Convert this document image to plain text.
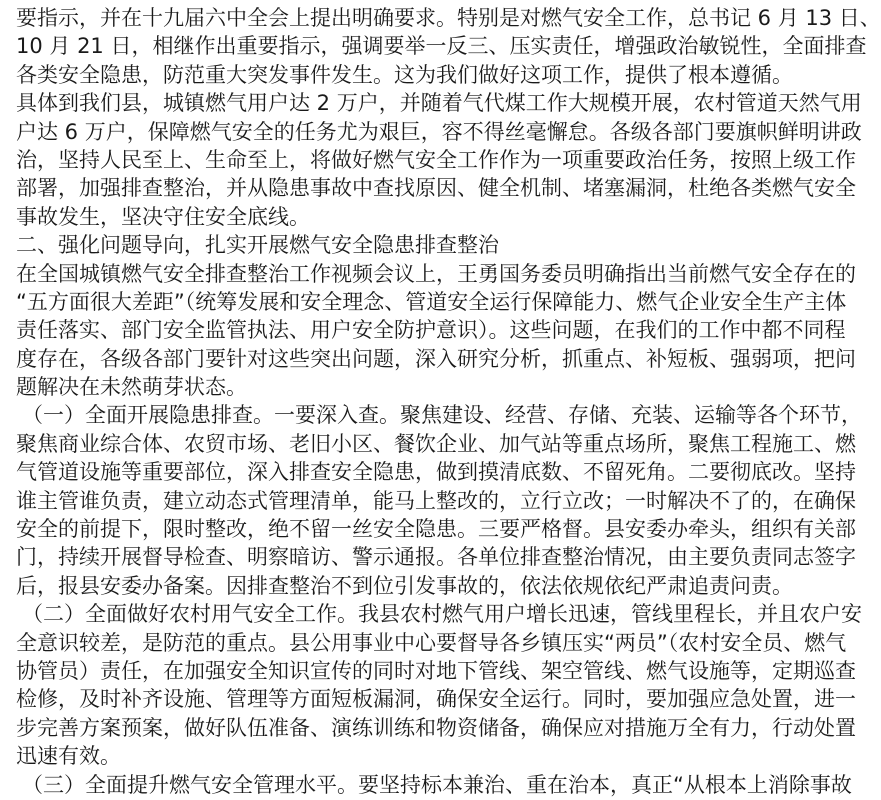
要指示，并在十九届六中全会上提出明确要求。特别是对燃气安全工作，总书记 6 月 13 日、
10 月 21 日，相继作出重要指示，强调要举一反三、压实责任，增强政治敏锐性，全面排查
各类安全隐患，防范重大突发事件发生。这为我们做好这项工作，提供了根本遵循。
具体到我们县，城镇燃气用户达 2 万户，并随着气代煤工作大规模开展，农村管道天然气用
户达 6 万户，保障燃气安全的任务尤为艰巨，容不得丝毫懈怠。各级各部门要旗帜鲜明讲政
治，坚持人民至上、生命至上，将做好燃气安全工作作为一项重要政治任务，按照上级工作
部署，加强排查整治，并从隐患事故中查找原因、健全机制、堵塞漏洞，杜绝各类燃气安全
事故发生，坚决守住安全底线。
二、强化问题导向，扎实开展燃气安全隐患排查整治
在全国城镇燃气安全排查整治工作视频会议上，王勇国务委员明确指出当前燃气安全存在的
“五方面很大差距”（统筹发展和安全理念、管道安全运行保障能力、燃气企业安全生产主体
责任落实、部门安全监管执法、用户安全防护意识）。这些问题，在我们的工作中都不同程
度存在，各级各部门要针对这些突出问题，深入研究分析，抓重点、补短板、强弱项，把问
题解决在未然萌芽状态。
（一）全面开展隐患排查。一要深入查。聚焦建设、经营、存储、充装、运输等各个环节，
聚焦商业综合体、农贸市场、老旧小区、餐饮企业、加气站等重点场所，聚焦工程施工、燃
气管道设施等重要部位，深入排查安全隐患，做到摸清底数、不留死角。二要彻底改。坚持
谁主管谁负责，建立动态式管理清单，能马上整改的，立行立改；一时解决不了的，在确保
安全的前提下，限时整改，绝不留一丝安全隐患。三要严格督。县安委办牵头，组织有关部
门，持续开展督导检查、明察暗访、警示通报。各单位排查整治情况，由主要负责同志签字
后，报县安委办备案。因排查整治不到位引发事故的，依法依规依纪严肃追责问责。
（二）全面做好农村用气安全工作。我县农村燃气用户增长迅速，管线里程长，并且农户安
全意识较差，是防范的重点。县公用事业中心要督导各乡镇压实“两员”（农村安全员、燃气
协管员）责任，在加强安全知识宣传的同时对地下管线、架空管线、燃气设施等，定期巡查
检修，及时补齐设施、管理等方面短板漏洞，确保安全运行。同时，要加强应急处置，进一
步完善方案预案，做好队伍准备、演练训练和物资储备，确保应对措施万全有力，行动处置
迅速有效。
（三）全面提升燃气安全管理水平。要坚持标本兼治、重在治本，真正“从根本上消除事故
